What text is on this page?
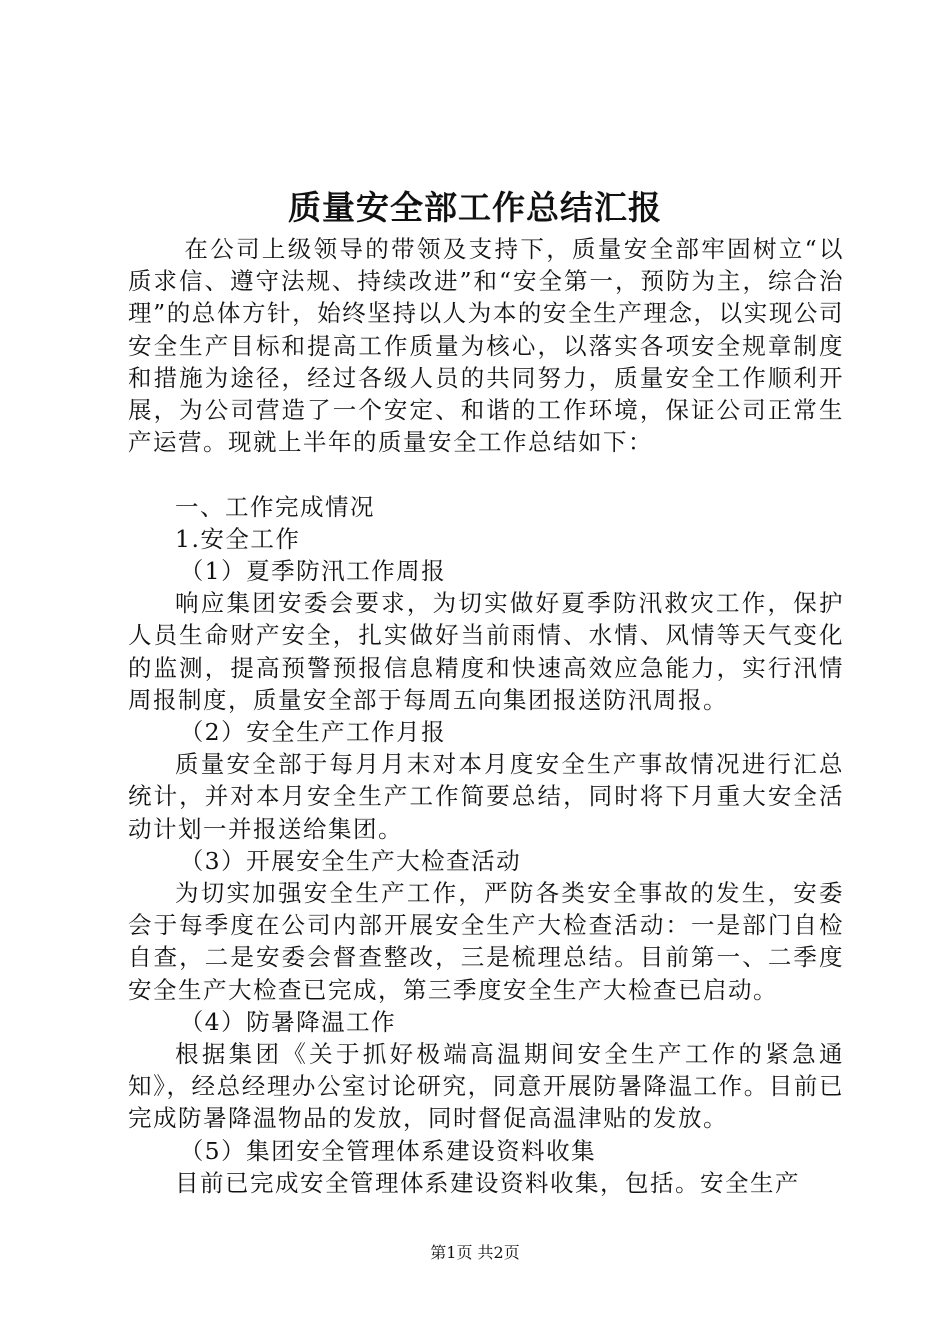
质量安全部工作总结汇报

在公司上级领导的带领及支持下，质量安全部牢固树立“以质求信、遵守法规、持续改进”和“安全第一，预防为主，综合治理”的总体方针，始终坚持以人为本的安全生产理念，以实现公司安全生产目标和提高工作质量为核心，以落实各项安全规章制度和措施为途径，经过各级人员的共同努力，质量安全工作顺利开展，为公司营造了一个安定、和谐的工作环境，保证公司正常生产运营。现就上半年的质量安全工作总结如下：

一、工作完成情况

1.安全工作

（1）夏季防汛工作周报

响应集团安委会要求，为切实做好夏季防汛救灾工作，保护人员生命财产安全，扎实做好当前雨情、水情、风情等天气变化的监测，提高预警预报信息精度和快速高效应急能力，实行汛情周报制度，质量安全部于每周五向集团报送防汛周报。

（2）安全生产工作月报

质量安全部于每月月末对本月度安全生产事故情况进行汇总统计，并对本月安全生产工作简要总结，同时将下月重大安全活动计划一并报送给集团。

（3）开展安全生产大检查活动

为切实加强安全生产工作，严防各类安全事故的发生，安委会于每季度在公司内部开展安全生产大检查活动：一是部门自检自查，二是安委会督查整改，三是梳理总结。目前第一、二季度安全生产大检查已完成，第三季度安全生产大检查已启动。

（4）防暑降温工作

根据集团《关于抓好极端高温期间安全生产工作的紧急通知》，经总经理办公室讨论研究，同意开展防暑降温工作。目前已完成防暑降温物品的发放，同时督促高温津贴的发放。

（5）集团安全管理体系建设资料收集

目前已完成安全管理体系建设资料收集，包括。安全生产

第1页 共2页
